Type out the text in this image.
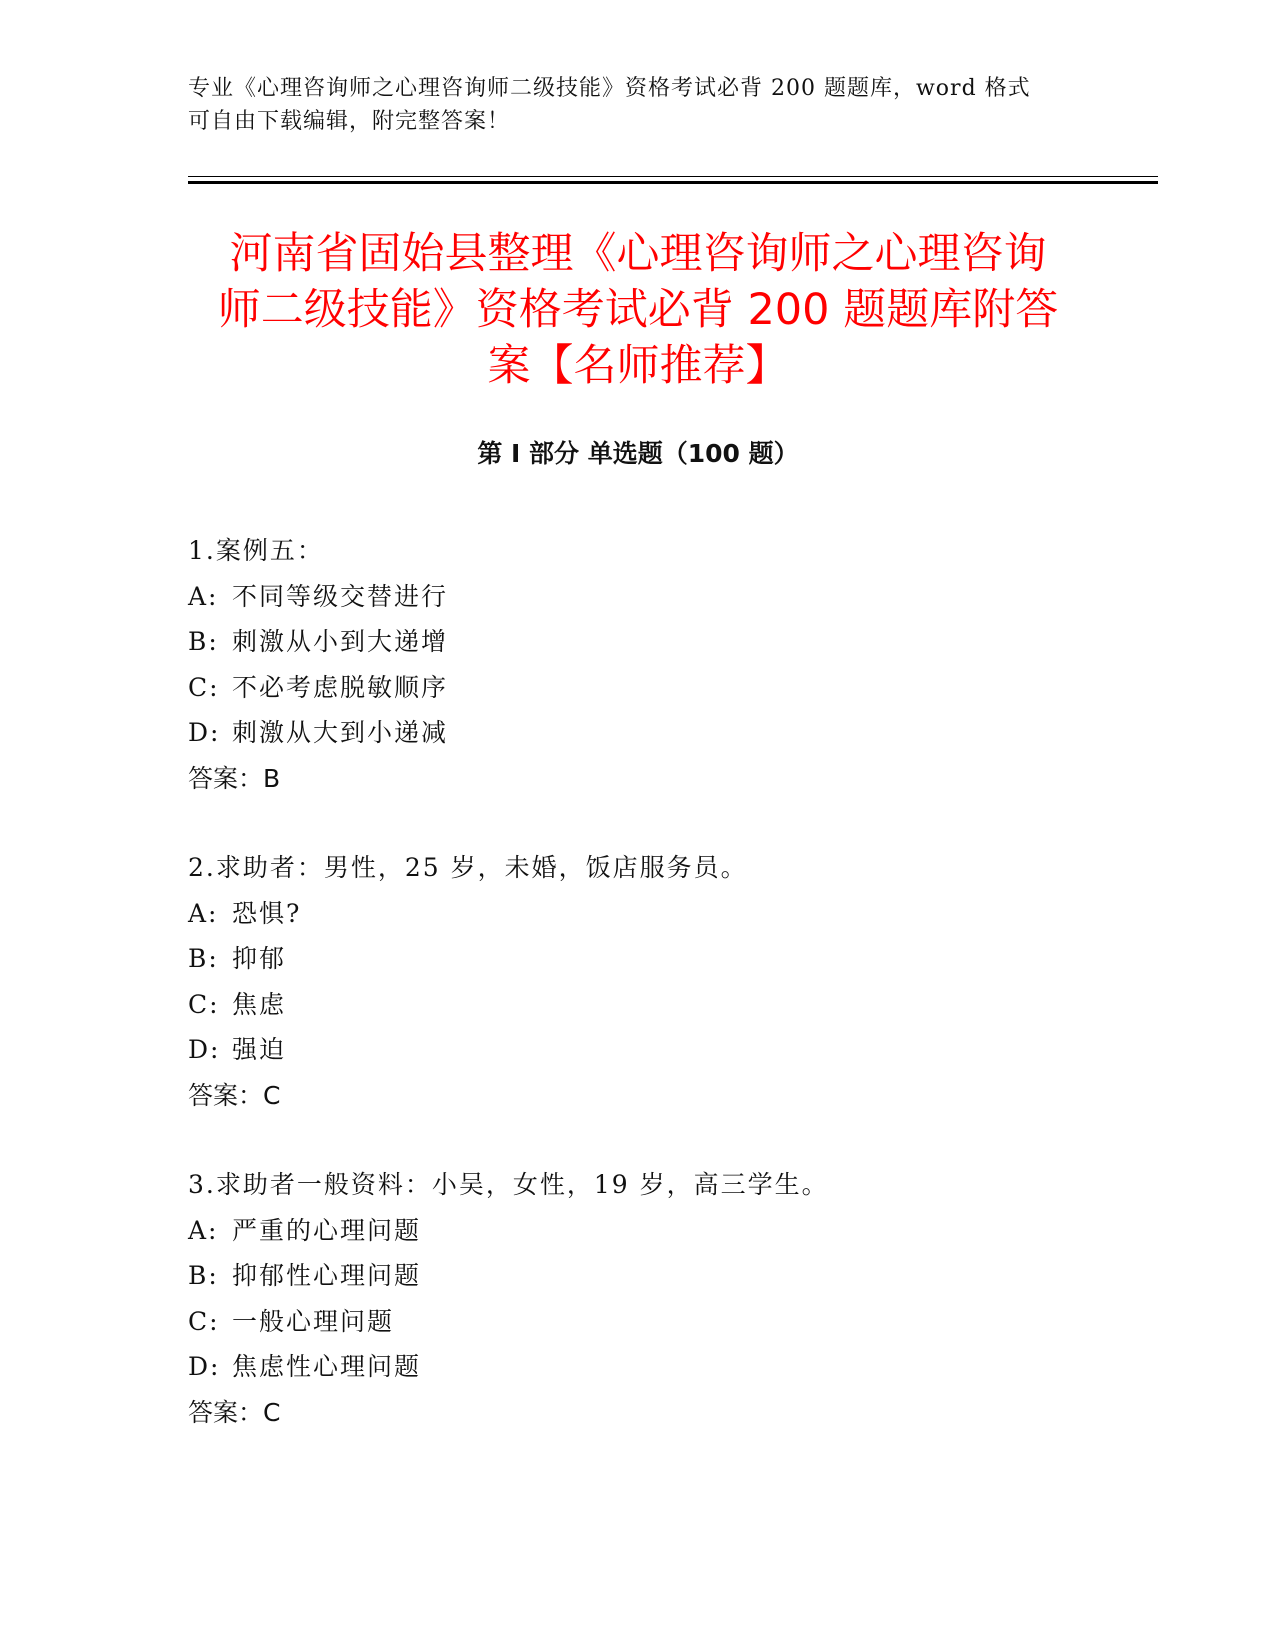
专业《心理咨询师之心理咨询师二级技能》资格考试必背 200 题题库，word 格式
可自由下载编辑，附完整答案！
河南省固始县整理《心理咨询师之心理咨询
师二级技能》资格考试必背 200 题题库附答
案【名师推荐】
第 I 部分 单选题（100 题）
1.案例五：
A: 不同等级交替进行
B: 刺激从小到大递增
C: 不必考虑脱敏顺序
D: 刺激从大到小递减
答案：B
2.求助者：男性，25 岁，未婚，饭店服务员。
A: 恐惧?
B: 抑郁
C: 焦虑
D: 强迫
答案：C
3.求助者一般资料：小吴，女性，19 岁，高三学生。
A: 严重的心理问题
B: 抑郁性心理问题
C: 一般心理问题
D: 焦虑性心理问题
答案：C
